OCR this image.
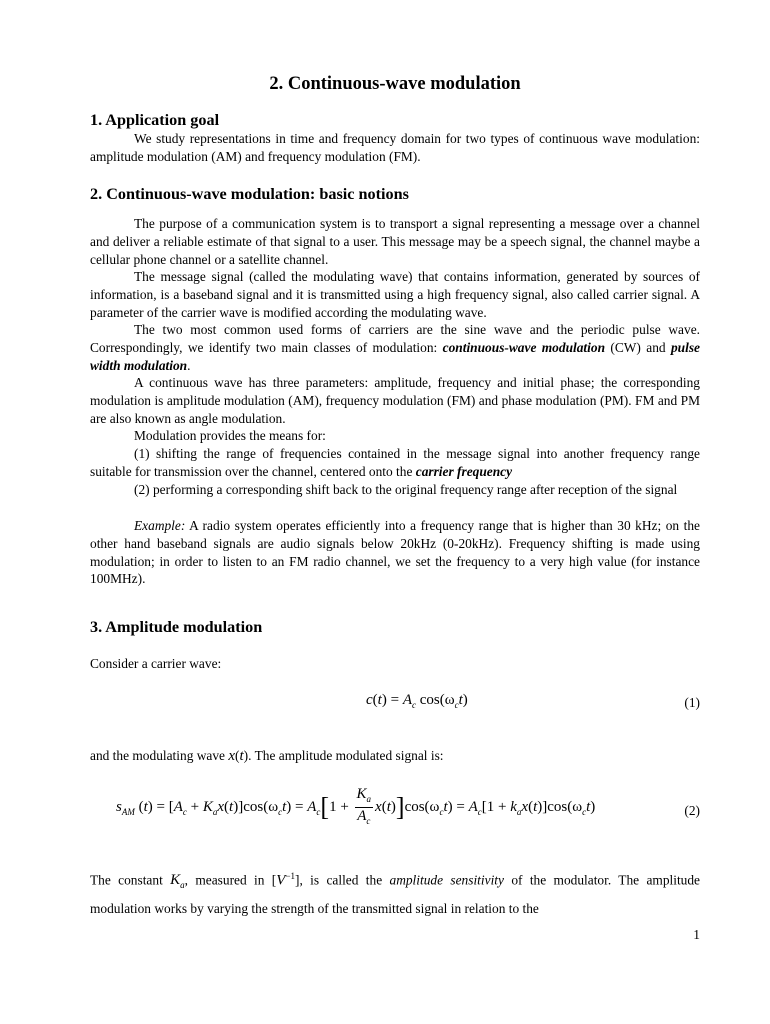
2. Continuous-wave modulation
1. Application goal

We study representations in time and frequency domain for two types of continuous wave modulation: amplitude modulation (AM) and frequency modulation (FM).

2. Continuous-wave modulation: basic notions

The purpose of a communication system is to transport a signal representing a message over a channel and deliver a reliable estimate of that signal to a user. This message may be a speech signal, the channel maybe a cellular phone channel or a satellite channel.

The message signal (called the modulating wave) that contains information, generated by sources of information, is a baseband signal and it is transmitted using a high frequency signal, also called carrier signal. A parameter of the carrier wave is modified according the modulating wave.

The two most common used forms of carriers are the sine wave and the periodic pulse wave. Correspondingly, we identify two main classes of modulation: continuous-wave modulation (CW) and pulse width modulation.

A continuous wave has three parameters: amplitude, frequency and initial phase; the corresponding modulation is amplitude modulation (AM), frequency modulation (FM) and phase modulation (PM). FM and PM are also known as angle modulation.

Modulation provides the means for:

(1) shifting the range of frequencies contained in the message signal into another frequency range suitable for transmission over the channel, centered onto the carrier frequency

(2) performing a corresponding shift back to the original frequency range after reception of the signal

Example: A radio system operates efficiently into a frequency range that is higher than 30 kHz; on the other hand baseband signals are audio signals below 20kHz (0-20kHz). Frequency shifting is made using modulation; in order to listen to an FM radio channel, we set the frequency to a very high value (for instance 100MHz).

3. Amplitude modulation

Consider a carrier wave:

$c(t) = A_c$ $\cos(\omega_ct)$	(1)

and the modulating wave x(t). The amplitude modulated signal is:

$s_{AM}$ $(t) = [A_c + K_ax(t)]\cos(\omega_ct) = A_c[1 + \frac{K_a}{A_c} x(t)]\cos(\omega_ct) = A_c[1 + k_ax(t)]\cos(\omega_ct)$	(2)

The constant $K_a$, measured in $[V^{-1}]$, is called the amplitude sensitivity of the modulator. The amplitude modulation works by varying the strength of the transmitted signal in relation to the

1
